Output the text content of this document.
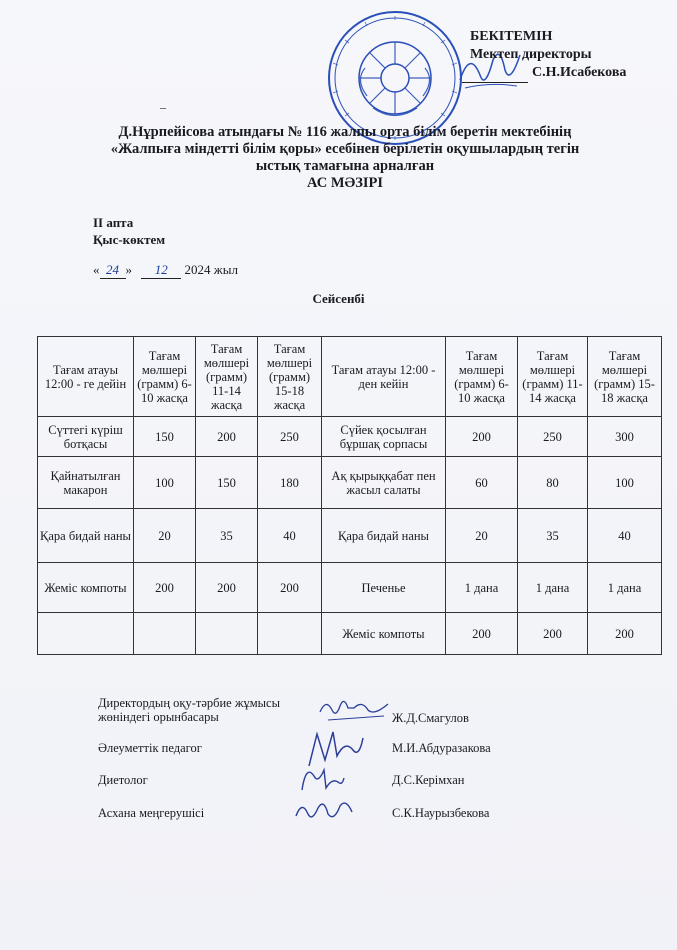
БЕКІТЕМІН
Мектеп директоры
С.Н.Исабекова
_
Д.Нұрпейісова атындағы № 116 жалпы орта білім беретін мектебінің «Жалпыға міндетті білім қоры» есебінен берілетін оқушылардың тегін ыстық тамағына арналған
АС МӘЗІРІ
II апта
Қыс-көктем
« 24 » 12 2024 жыл
Сейсенбі
Тағам атауы 12:00 - ге дейін	Тағам мөлшері (грамм) 6-10 жасқа	Тағам мөлшері (грамм) 11-14 жасқа	Тағам мөлшері (грамм) 15-18 жасқа	Тағам атауы 12:00 - ден кейін	Тағам мөлшері (грамм) 6-10 жасқа	Тағам мөлшері (грамм) 11-14 жасқа	Тағам мөлшері (грамм) 15-18 жасқа
Сүттегі күріш ботқасы	150	200	250	Сүйек қосылған бұршақ сорпасы	200	250	300
Қайнатылған макарон	100	150	180	Ақ қырыққабат пен жасыл салаты	60	80	100
Қара бидай наны	20	35	40	Қара бидай наны	20	35	40
Жеміс компоты	200	200	200	Печенье	1 дана	1 дана	1 дана
				Жеміс компоты	200	200	200
Директордың оқу-тәрбие жұмысы жөніндегі орынбасары	Ж.Д.Смагулов
Әлеуметтік педагог	М.И.Абдуразакова
Диетолог	Д.С.Керімхан
Асхана меңгерушісі	С.К.Наурызбекова
